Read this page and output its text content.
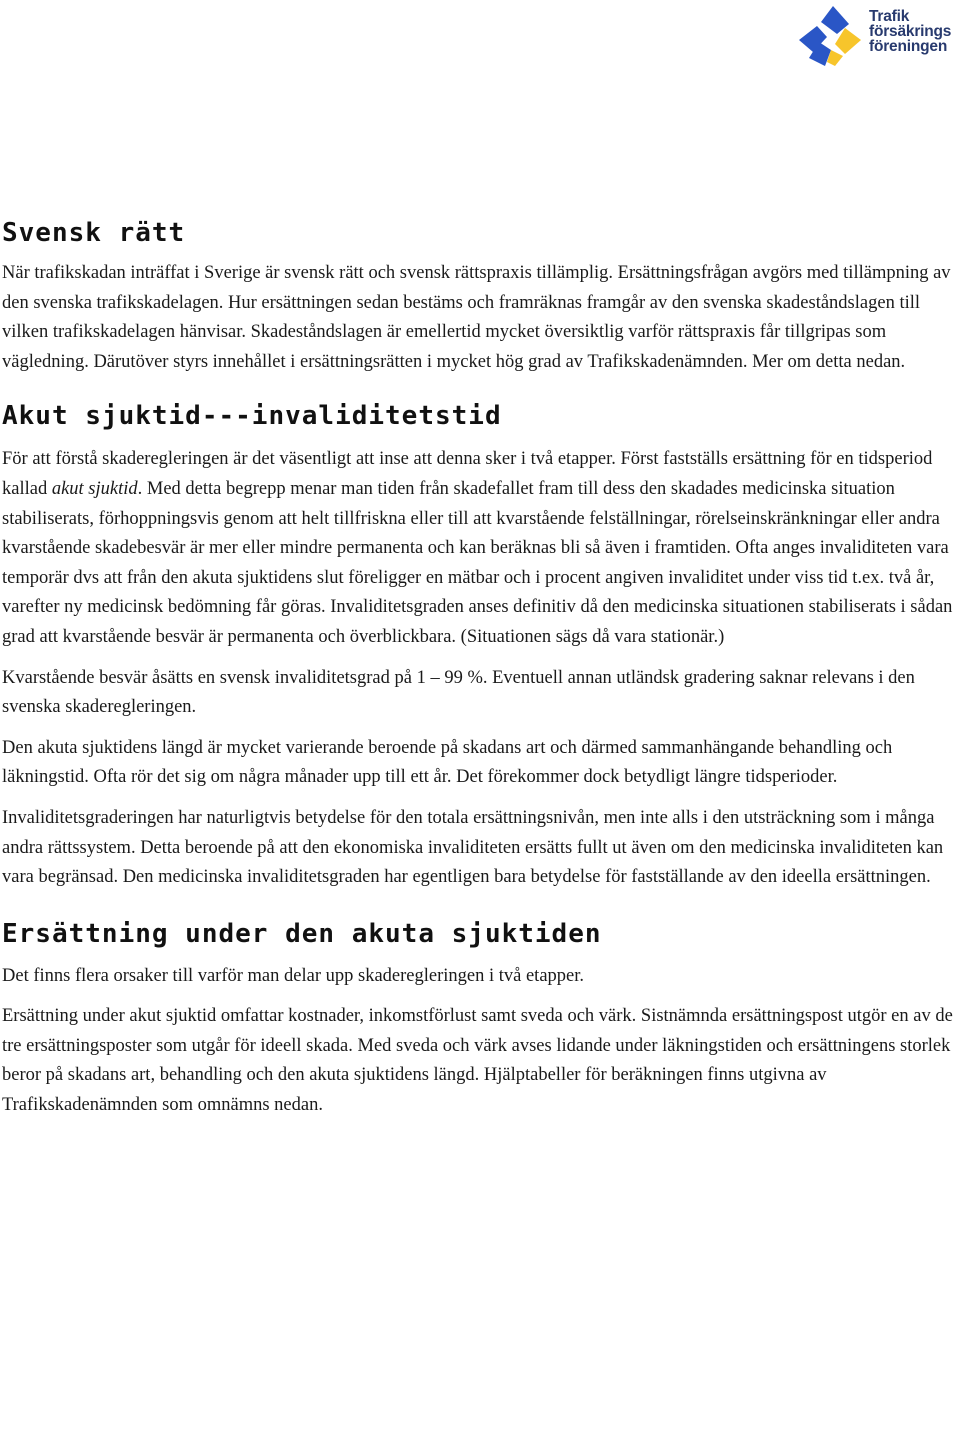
Trafik
försäkrings
föreningen
Svensk rätt

När trafikskadan inträffat i Sverige är svensk rätt och svensk rättspraxis tillämplig. Ersättningsfrågan avgörs med tillämpning av den svenska trafikskadelagen. Hur ersättningen sedan bestäms och framräknas framgår av den svenska skadeståndslagen till vilken trafikskadelagen hänvisar. Skadeståndslagen är emellertid mycket översiktlig varför rättspraxis får tillgripas som vägledning. Därutöver styrs innehållet i ersättningsrätten i mycket hög grad av Trafikskadenämnden. Mer om detta nedan.

Akut sjuktid---invaliditetstid

För att förstå skaderegleringen är det väsentligt att inse att denna sker i två etapper. Först fastställs ersättning för en tidsperiod kallad akut sjuktid. Med detta begrepp menar man tiden från skadefallet fram till dess den skadades medicinska situation stabiliserats, förhoppningsvis genom att helt tillfriskna eller till att kvarstående felställningar, rörelseinskränkningar eller andra kvarstående skadebesvär är mer eller mindre permanenta och kan beräknas bli så även i framtiden. Ofta anges invaliditeten vara temporär dvs att från den akuta sjuktidens slut föreligger en mätbar och i procent angiven invaliditet under viss tid t.ex. två år, varefter ny medicinsk bedömning får göras. Invaliditetsgraden anses definitiv då den medicinska situationen stabiliserats i sådan grad att kvarstående besvär är permanenta och överblickbara. (Situationen sägs då vara stationär.)

Kvarstående besvär åsätts en svensk invaliditetsgrad på 1 – 99 %. Eventuell annan utländsk gradering saknar relevans i den svenska skaderegleringen.

Den akuta sjuktidens längd är mycket varierande beroende på skadans art och därmed sammanhängande behandling och läkningstid. Ofta rör det sig om några månader upp till ett år. Det förekommer dock betydligt längre tidsperioder.

Invaliditetsgraderingen har naturligtvis betydelse för den totala ersättningsnivån, men inte alls i den utsträckning som i många andra rättssystem. Detta beroende på att den ekonomiska invaliditeten ersätts fullt ut även om den medicinska invaliditeten kan vara begränsad. Den medicinska invaliditetsgraden har egentligen bara betydelse för fastställande av den ideella ersättningen.

Ersättning under den akuta sjuktiden

Det finns flera orsaker till varför man delar upp skaderegleringen i två etapper.

Ersättning under akut sjuktid omfattar kostnader, inkomstförlust samt sveda och värk. Sistnämnda ersättningspost utgör en av de tre ersättningsposter som utgår för ideell skada. Med sveda och värk avses lidande under läkningstiden och ersättningens storlek beror på skadans art, behandling och den akuta sjuktidens längd. Hjälptabeller för beräkningen finns utgivna av Trafikskadenämnden som omnämns nedan.
